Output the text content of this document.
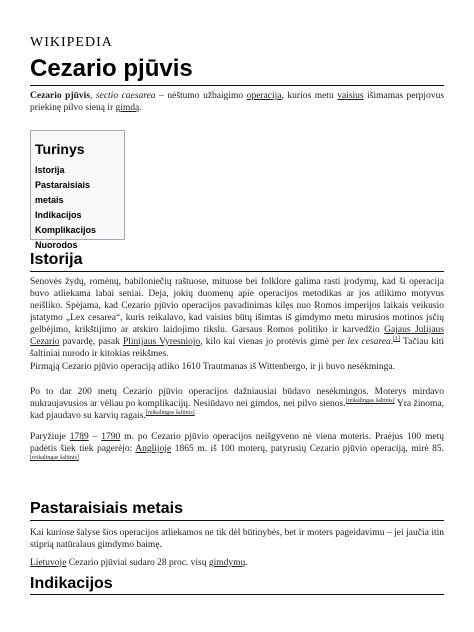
WIKIPEDIA
Cezario pjūvis

Cezario pjūvis, sectio caesarea – nėštumo užbaigimo operacija, kurios metu vaisius išimamas perpjovus priekinę pilvo sieną ir gimdą.

Turinys
Istorija
Pastaraisiais metais
Indikacijos
Komplikacijos
Nuorodos
Istorija

Senovės žydų, romėnų, babiloniečių raštuose, mituose bei folklore galima rasti įrodymų, kad ši operacija buvo atliekama labai seniai. Deja, jokių duomenų apie operacijos metodikas ar jos atlikimo motyvus neišliko. Spėjama, kad Cezario pjūvio operacijos pavadinimas kilęs nuo Romos imperijos laikais veikusio įstatymo „Lex cesarea“, kuris reikalavo, kad vaisius būtų išimtas iš gimdymo metu mirusios motinos įsčių gelbėjimo, krikštijimo ar atskiro laidojimo tikslu. Garsaus Romos politiko ir karvedžio Gajaus Julijaus Cezario pavardę, pasak Plinijaus Vyresniojo, kilo kai vienas jo protėvis gimė per lex cesarea.[1] Tačiau kiti šaltiniai nurodo ir kitokias reikšmes.

Pirmąją Cezario pjūvio operaciją atliko 1610 Trautmanas iš Wittenbergo, ir ji buvo nesėkminga.

Po to dar 200 metų Cezario pjūvio operacijos dažniausiai būdavo nesėkmingos. Moterys mirdavo nukraujavusios ar vėliau po komplikacijų. Nesiūdavo nei gimdos, nei pilvo sienos.[reikalingas šaltinis] Yra žinoma, kad pjaudavo su karvių ragais.[reikalingas šaltinis]

Paryžiuje 1789 – 1790 m. po Cezario pjūvio operacijos neišgyveno nė viena moteris. Praėjus 100 metų padėtis šiek tiek pagerėjo: Anglijoje 1865 m. iš 100 moterų, patyrusių Cezario pjūvio operaciją, mirė 85.[reikalingas šaltinis]

Pastaraisiais metais

Kai kuriose šalyse šios operacijos atliekamos ne tik dėl būtinybės, bet ir moters pageidavimu – jei jaučia itin stiprią natūralaus gimdymo baimę.

Lietuvoje Cezario pjūviai sudaro 28 proc. visų gimdymų.

Indikacijos
